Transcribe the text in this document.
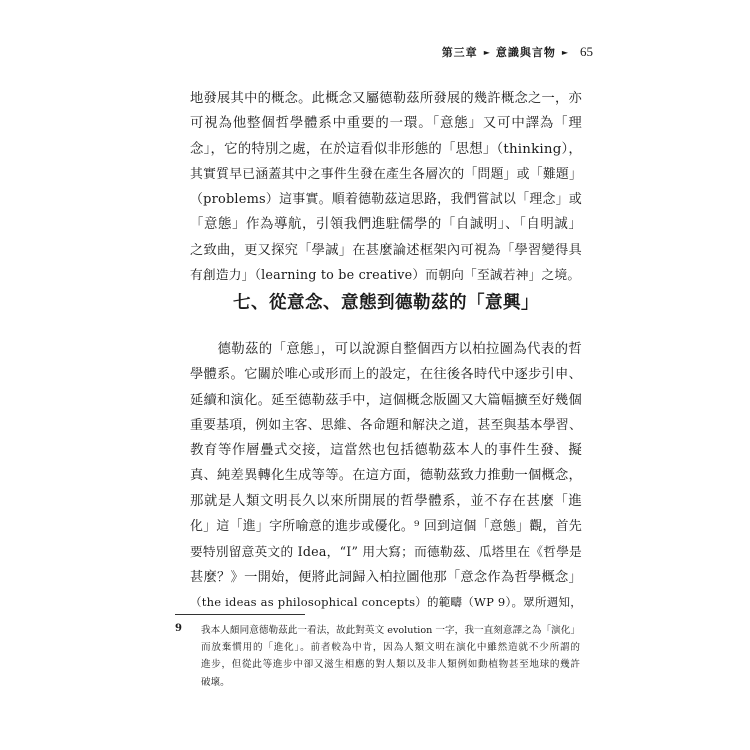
第三章 ► 意識與言物 ► 65

地發展其中的概念。此概念又屬德勒茲所發展的幾許概念之一，亦
可視為他整個哲學體系中重要的一環。「意態」又可中譯為「理
念」，它的特別之處，在於這看似非形態的「思想」（thinking），
其實質早已涵蓋其中之事件生發在產生各層次的「問題」或「難題」
（problems）這事實。順着德勒茲這思路，我們嘗試以「理念」或
「意態」作為導航，引領我們進駐儒學的「自誠明」、「自明誠」
之致曲，更又探究「學誠」在甚麼論述框架內可視為「學習變得具
有創造力」（learning to be creative）而朝向「至誠若神」之境。

七、從意念、意態到德勒茲的「意興」

　　德勒茲的「意態」，可以說源自整個西方以柏拉圖為代表的哲
學體系。它關於唯心或形而上的設定，在往後各時代中逐步引申、
延續和演化。延至德勒茲手中，這個概念版圖又大篇幅擴至好幾個
重要基項，例如主客、思維、各命題和解決之道，甚至與基本學習、
教育等作層疊式交接，這當然也包括德勒茲本人的事件生發、擬
真、純差異轉化生成等等。在這方面，德勒茲致力推動一個概念，
那就是人類文明長久以來所開展的哲學體系，並不存在甚麼「進
化」這「進」字所喻意的進步或優化。⁹ 回到這個「意態」觀，首先
要特別留意英文的 Idea，“I” 用大寫；而德勒茲、瓜塔里在《哲學是
甚麼？》一開始，便將此詞歸入柏拉圖他那「意念作為哲學概念」
（the ideas as philosophical concepts）的範疇（WP 9）。眾所週知，

9	我本人頗同意德勒茲此一看法，故此對英文 evolution 一字，我一直刻意譯之為「演化」
而放棄慣用的「進化」。前者較為中肯，因為人類文明在演化中雖然造就不少所謂的
進步，但從此等進步中卻又滋生相應的對人類以及非人類例如動植物甚至地球的幾許
破壞。
